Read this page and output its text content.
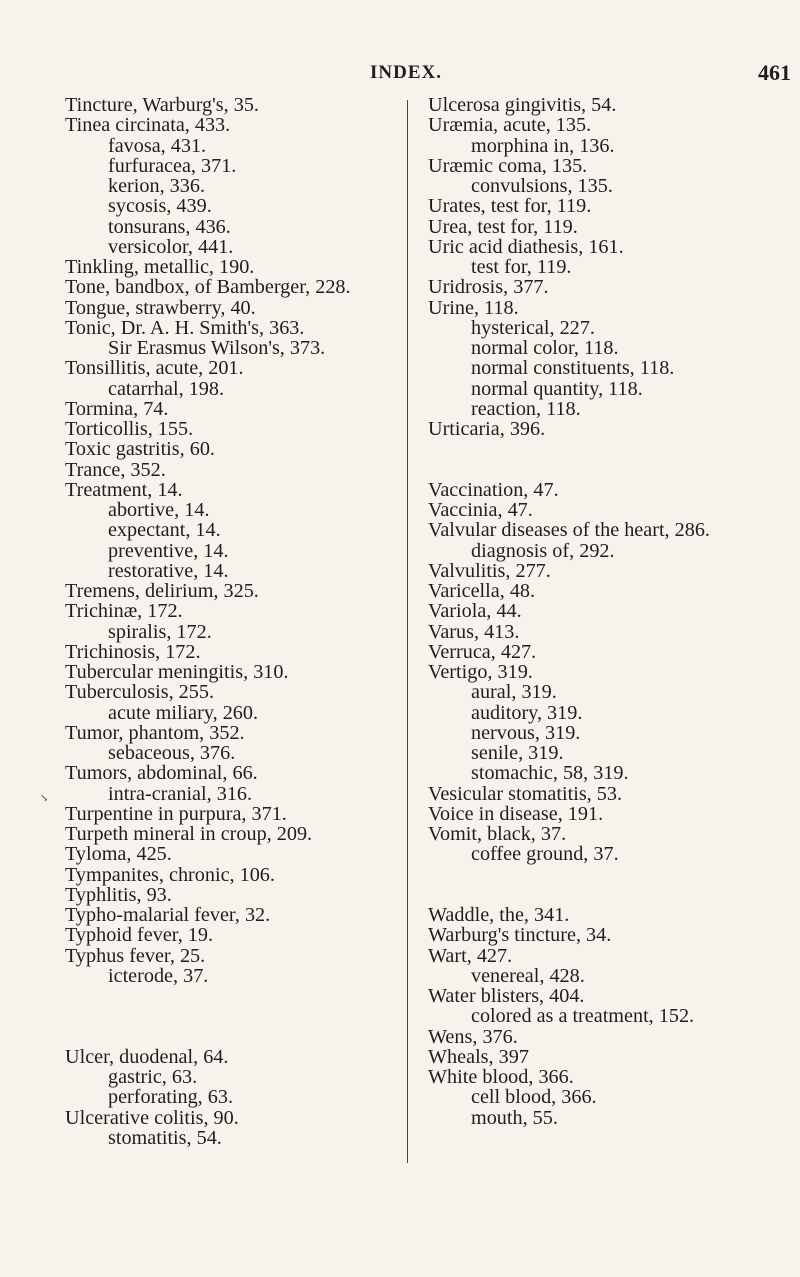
INDEX.	461
Tincture, Warburg's, 35.
Tinea circinata, 433.
favosa, 431.
furfuracea, 371.
kerion, 336.
sycosis, 439.
tonsurans, 436.
versicolor, 441.
Tinkling, metallic, 190.
Tone, bandbox, of Bamberger, 228.
Tongue, strawberry, 40.
Tonic, Dr. A. H. Smith's, 363.
Sir Erasmus Wilson's, 373.
Tonsillitis, acute, 201.
catarrhal, 198.
Tormina, 74.
Torticollis, 155.
Toxic gastritis, 60.
Trance, 352.
Treatment, 14.
abortive, 14.
expectant, 14.
preventive, 14.
restorative, 14.
Tremens, delirium, 325.
Trichinæ, 172.
spiralis, 172.
Trichinosis, 172.
Tubercular meningitis, 310.
Tuberculosis, 255.
acute miliary, 260.
Tumor, phantom, 352.
sebaceous, 376.
Tumors, abdominal, 66.
intra-cranial, 316.
Turpentine in purpura, 371.
Turpeth mineral in croup, 209.
Tyloma, 425.
Tympanites, chronic, 106.
Typhlitis, 93.
Typho-malarial fever, 32.
Typhoid fever, 19.
Typhus fever, 25.
icterode, 37.
Ulcer, duodenal, 64.
gastric, 63.
perforating, 63.
Ulcerative colitis, 90.
stomatitis, 54.
Ulcerosa gingivitis, 54.
Uræmia, acute, 135.
morphina in, 136.
Uræmic coma, 135.
convulsions, 135.
Urates, test for, 119.
Urea, test for, 119.
Uric acid diathesis, 161.
test for, 119.
Uridrosis, 377.
Urine, 118.
hysterical, 227.
normal color, 118.
normal constituents, 118.
normal quantity, 118.
reaction, 118.
Urticaria, 396.
Vaccination, 47.
Vaccinia, 47.
Valvular diseases of the heart, 286.
diagnosis of, 292.
Valvulitis, 277.
Varicella, 48.
Variola, 44.
Varus, 413.
Verruca, 427.
Vertigo, 319.
aural, 319.
auditory, 319.
nervous, 319.
senile, 319.
stomachic, 58, 319.
Vesicular stomatitis, 53.
Voice in disease, 191.
Vomit, black, 37.
coffee ground, 37.
Waddle, the, 341.
Warburg's tincture, 34.
Wart, 427.
venereal, 428.
Water blisters, 404.
colored as a treatment, 152.
Wens, 376.
Wheals, 397
White blood, 366.
cell blood, 366.
mouth, 55.
↘
